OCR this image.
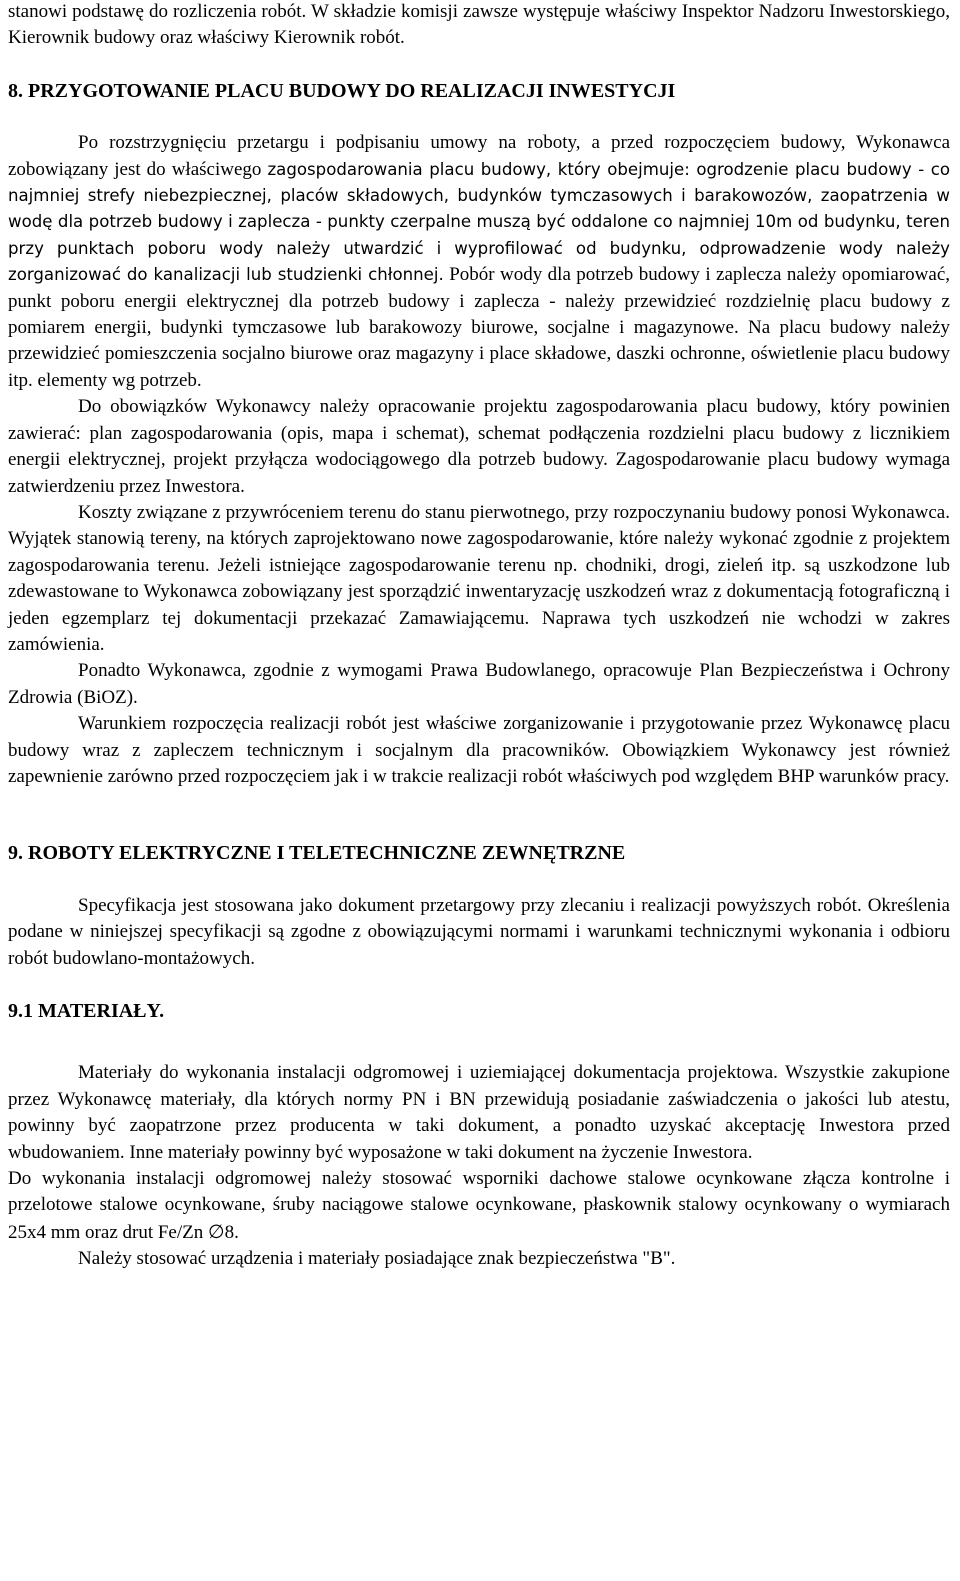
stanowi podstawę do rozliczenia robót. W składzie komisji zawsze występuje właściwy Inspektor Nadzoru Inwestorskiego, Kierownik budowy oraz właściwy Kierownik robót.

8. PRZYGOTOWANIE PLACU BUDOWY DO REALIZACJI INWESTYCJI

Po rozstrzygnięciu przetargu i podpisaniu umowy na roboty, a przed rozpoczęciem budowy, Wykonawca zobowiązany jest do właściwego zagospodarowania placu budowy, który obejmuje: ogrodzenie placu budowy - co najmniej strefy niebezpiecznej, placów składowych, budynków tymczasowych i barakowozów, zaopatrzenia w wodę dla potrzeb budowy i zaplecza - punkty czerpalne muszą być oddalone co najmniej 10m od budynku, teren przy punktach poboru wody należy utwardzić i wyprofilować od budynku, odprowadzenie wody należy zorganizować do kanalizacji lub studzienki chłonnej. Pobór wody dla potrzeb budowy i zaplecza należy opomiarować, punkt poboru energii elektrycznej dla potrzeb budowy i zaplecza - należy przewidzieć rozdzielnię placu budowy z pomiarem energii, budynki tymczasowe lub barakowozy biurowe, socjalne i magazynowe. Na placu budowy należy przewidzieć pomieszczenia socjalno biurowe oraz magazyny i place składowe, daszki ochronne, oświetlenie placu budowy itp. elementy wg potrzeb.

Do obowiązków Wykonawcy należy opracowanie projektu zagospodarowania placu budowy, który powinien zawierać: plan zagospodarowania (opis, mapa i schemat), schemat podłączenia rozdzielni placu budowy z licznikiem energii elektrycznej, projekt przyłącza wodociągowego dla potrzeb budowy. Zagospodarowanie placu budowy wymaga zatwierdzeniu przez Inwestora.

Koszty związane z przywróceniem terenu do stanu pierwotnego, przy rozpoczynaniu budowy ponosi Wykonawca. Wyjątek stanowią tereny, na których zaprojektowano nowe zagospodarowanie, które należy wykonać zgodnie z projektem zagospodarowania terenu. Jeżeli istniejące zagospodarowanie terenu np. chodniki, drogi, zieleń itp. są uszkodzone lub zdewastowane to Wykonawca zobowiązany jest sporządzić inwentaryzację uszkodzeń wraz z dokumentacją fotograficzną i jeden egzemplarz tej dokumentacji przekazać Zamawiającemu. Naprawa tych uszkodzeń nie wchodzi w zakres zamówienia.

Ponadto Wykonawca, zgodnie z wymogami Prawa Budowlanego, opracowuje Plan Bezpieczeństwa i Ochrony Zdrowia (BiOZ).

Warunkiem rozpoczęcia realizacji robót jest właściwe zorganizowanie i przygotowanie przez Wykonawcę placu budowy wraz z zapleczem technicznym i socjalnym dla pracowników. Obowiązkiem Wykonawcy jest również zapewnienie zarówno przed rozpoczęciem jak i w trakcie realizacji robót właściwych pod względem BHP warunków pracy.

9. ROBOTY ELEKTRYCZNE I TELETECHNICZNE ZEWNĘTRZNE

Specyfikacja jest stosowana jako dokument przetargowy przy zlecaniu i realizacji powyższych robót. Określenia podane w niniejszej specyfikacji są zgodne z obowiązującymi normami i warunkami technicznymi wykonania i odbioru robót budowlano-montażowych.

9.1 MATERIAŁY.

Materiały do wykonania instalacji odgromowej i uziemiającej dokumentacja projektowa. Wszystkie zakupione przez Wykonawcę materiały, dla których normy PN i BN przewidują posiadanie zaświadczenia o jakości lub atestu, powinny być zaopatrzone przez producenta w taki dokument, a ponadto uzyskać akceptację Inwestora przed wbudowaniem. Inne materiały powinny być wyposażone w taki dokument na życzenie Inwestora.

Do wykonania instalacji odgromowej należy stosować wsporniki dachowe stalowe ocynkowane złącza kontrolne i przelotowe stalowe ocynkowane, śruby naciągowe stalowe ocynkowane, płaskownik stalowy ocynkowany o wymiarach 25x4 mm oraz drut Fe/Zn ∅8.

Należy stosować urządzenia i materiały posiadające znak bezpieczeństwa "B".
